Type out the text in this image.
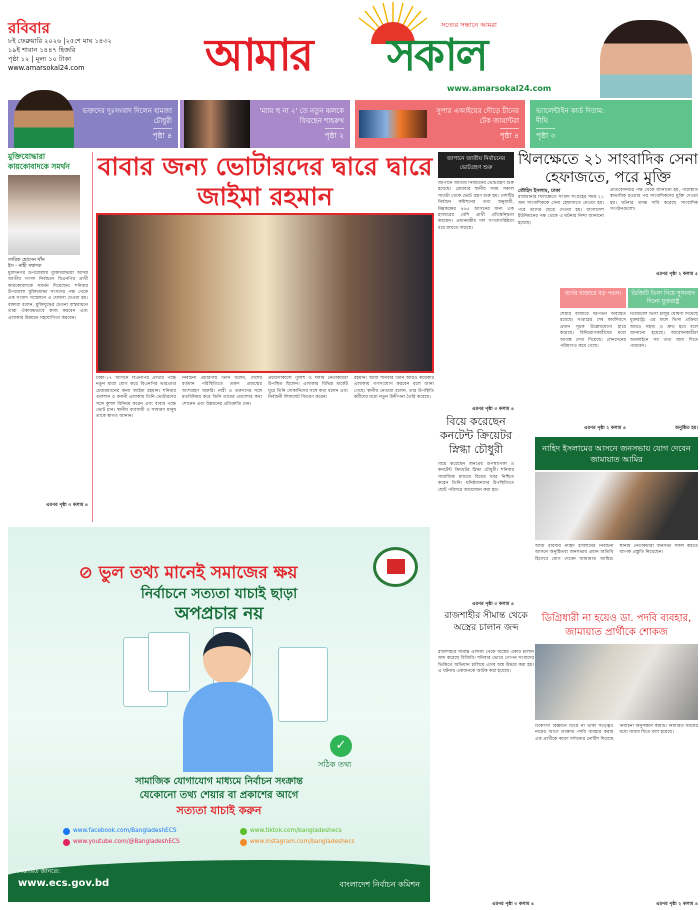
রবিবার
৮ই ফেব্রুয়ারি ২০২৬ |২৫শে মাঘ ১৪৩২
১৯ই শাবান ১৪৪৭ হিজরি
পৃষ্ঠা ১২ | মূল্য ১০ টাকা
www.amarsokal24.com	আমার সকাল
সত্যের সন্ধানে আমরা
www.amarsokal24.com
ভক্তদের দুঃসংবাদ দিলেন হামজা চৌধুরী
পৃষ্ঠা ৪
'ম্যায় হু না ২' তে নতুন ঝলকে ফিরছেন শাহরুখ
পৃষ্ঠা ২
সুপার এআইয়ের দৌড়ে চীনের টেক জায়ান্টরা
পৃষ্ঠা ৪
ভ্যালেন্টাইন কার্ড দিতাম: দীঘি
পৃষ্ঠা ৩
মুক্তিযোদ্ধারা কায়কোবাদকে সমর্থন
তারিক হোসেন খাঁন
ইস - নাহী সম্বাদক
মুরাদনগর উপজেলায় মুক্তিযোদ্ধারা আসন্ন জাতীয় সংসদ নির্বাচনে বিএনপির প্রার্থী কায়কোবাদকে সমর্থন দিয়েছেন। শনিবার উপজেলা মুক্তিযোদ্ধা সংসদের পক্ষ থেকে এক সংবাদ সম্মেলনে এ ঘোষণা দেওয়া হয়। বক্তারা বলেন, মুক্তিযুদ্ধের চেতনা বাস্তবায়নে তারা ঐক্যবদ্ধভাবে কাজ করবেন এবং এলাকার উন্নয়নে সহযোগিতা করবেন।
এরপর পৃষ্ঠা ৩ কলাম ৪
বাবার জন্য ভোটারদের দ্বারে দ্বারে জাইমা রহমান
ঢাকা-১৭ আসনে বিএনপির প্রার্থীর পক্ষে নতুন মাত্রা যোগ করে বিএনপির ভারপ্রাপ্ত চেয়ারম্যানের কন্যা জাইমা রহমান। শনিবার গুলশান ও বনানী এলাকায় তিনি ভোটারদের সঙ্গে কুশল বিনিময় করেন এবং বাবার পক্ষে ভোট চান। স্থানীয় ব্যবসায়ী ও সাধারণ মানুষ তাকে স্বাগত জানান।
নির্বাচনী প্রচারণায় তিনি বলেন, দেশের বর্তমান পরিস্থিতিতে তরুণ প্রজন্মের অংশগ্রহণ জরুরি। নারী ও তরুণদের সঙ্গে মতবিনিময় করে তিনি তাদের প্রত্যাশার কথা শোনেন এবং উন্নয়নের প্রতিশ্রুতি দেন।
প্রচারণাকালে পুলিশ ও দলীয় নেতাকর্মীরা উপস্থিত ছিলেন। এলাকার বিভিন্ন মার্কেট ঘুরে তিনি দোকানিদের সঙ্গে কথা বলেন এবং নির্বাচনী লিফলেট বিতরণ করেন।
রহমান। আজ শনিবার তিনি আরও কয়েকটি এলাকায় গণসংযোগ করবেন বলে জানা গেছে। স্থানীয় নেতারা বলেন, তার উপস্থিতি কর্মীদের মধ্যে নতুন উদ্দীপনা তৈরি করেছে।
জাপানে জাতীয় নির্বাচনের ভোটগ্রহণ শুরু
জাপানে জাতীয় নির্বাচনের ভোটগ্রহণ শুরু হয়েছে। রোববার স্থানীয় সময় সকাল সাতটা থেকে ভোট গ্রহণ শুরু হয়। দেশটির নির্বাচন কমিশনের তথ্য অনুযায়ী, নিম্নকক্ষের ৪৬৫ আসনের জন্য এক হাজারের বেশি প্রার্থী প্রতিদ্বন্দ্বিতা করছেন। প্রধানমন্ত্রীর দল সংখ্যাগরিষ্ঠতা ধরে রাখতে লড়ছে।
এরপর পৃষ্ঠা ৩ কলাম ৪
বিয়ে করেছেন কনটেন্ট ক্রিয়েটর স্নিগ্ধা চৌধুরী
বিয়ে করেছেন জনপ্রিয় উপস্থাপিকা ও কনটেন্ট ক্রিয়েটর স্নিগ্ধা চৌধুরী। শনিবার সামাজিক মাধ্যমে বিয়ের খবর নিশ্চিত করেন তিনি। ঘনিষ্ঠজনদের উপস্থিতিতে ছোট পরিসরে আয়োজন করা হয়।
এরপর পৃষ্ঠা ৩ কলাম ৪
খিলক্ষেতে ২১ সাংবাদিক সেনা হেফাজতে, পরে মুক্তি
তৌহিদ ইসলাম, ঢাকা
রাজধানীর খিলক্ষেতে সংবাদ সংগ্রহের সময় ২১ জন সাংবাদিককে সেনা হেফাজতে নেওয়া হয়। পরে তাদের ছেড়ে দেওয়া হয়। বাংলাদেশ ইউনিয়নের পক্ষ থেকে এ ঘটনার নিন্দা জানানো হয়েছে।
প্রতিবেদনটির পক্ষ থেকে জানানো হয়, পরিস্থিতি স্বাভাবিক হওয়ার পর সাংবাদিকদের মুক্তি দেওয়া হয়। ঘটনার তদন্ত দাবি করেছে সাংবাদিক সংগঠনগুলো।
এরপর পৃষ্ঠা ২ কলাম ৫
বর্গের বাজারে বড় পতন।	ডিজিটি ভিসা নিয়ে সুসংবাদ দিলো যুক্তরাষ্ট্র
শেয়ার বাজারে দরপতন অব্যাহত রয়েছে। সপ্তাহের শেষ কার্যদিবসে প্রধান সূচক উল্লেখযোগ্য হারে কমেছে। বিনিয়োগকারীদের মধ্যে আতঙ্ক দেখা দিয়েছে। লেনদেনের পরিমাণও কমে গেছে।
ডিজিটাল ভিসা চালুর ঘোষণা দিয়েছে যুক্তরাষ্ট্র। এর ফলে ভিসা প্রক্রিয়া আরও সহজ ও দ্রুত হবে বলে জানানো হয়েছে। আবেদনকারীরা অনলাইনে সব তথ্য জমা দিতে পারবেন।
এরপর পৃষ্ঠা ২ কলাম ৪	অনুষ্ঠিত হয়।
নাহিদ ইসলামের আসনে জনসভায় যোগ দেবেন জামায়াত আমির
আজ রবিবার নাহিদ ইসলামের নির্বাচনী আসনে অনুষ্ঠিতব্য জনসভায় প্রধান অতিথি হিসেবে যোগ দেবেন জামায়াত আমির। স্থানীয় নেতাকর্মীরা জনসভা সফল করতে ব্যাপক প্রস্তুতি নিয়েছেন।
রাজশাহীর সীমান্ত থেকে অস্ত্রের চালান জব্দ
রাজশাহীর সীমান্ত এলাকা থেকে অস্ত্রের একটি চালান জব্দ করেছে বিজিবি। শনিবার ভোরে গোপন সংবাদের ভিত্তিতে অভিযান চালিয়ে এসব অস্ত্র উদ্ধার করা হয়। এ ঘটনায় একজনকে আটক করা হয়েছে।
এরপর পৃষ্ঠা ৩ কলাম ৪
ডিগ্রিধারী না হয়েও ডা. পদবি ব্যবহার, জামায়াত প্রার্থীকে শোকজ
চিকিৎসা বিজ্ঞানে ডিগ্রি না থাকা সত্ত্বেও নামের আগে ডাক্তার পদবি ব্যবহার করায় এক প্রার্থীকে কারণ দর্শানোর নোটিশ দিয়েছে নির্বাচনী অনুসন্ধান কমিটি। নির্ধারিত সময়ের মধ্যে জবাব দিতে বলা হয়েছে।
এরপর পৃষ্ঠা ২ কলাম ৪
⊘ ভুল তথ্য মানেই সমাজের ক্ষয়
নির্বাচনে সত্যতা যাচাই ছাড়া
অপপ্রচার নয়
✓
সঠিক তথ্য
সামাজিক যোগাযোগ মাধ্যমে নির্বাচন সংক্রান্ত
যেকোনো তথ্য শেয়ার বা প্রকাশের আগে
সত্যতা যাচাই করুন
www.facebook.com/BangladeshECS
www.youtube.com/@BangladeshECS
www.tiktok.com/bangladeshecs
www.instagram.com/bangladeshecs
বিস্তারিত জানতে:
www.ecs.gov.bd	বাংলাদেশ নির্বাচন কমিশন
